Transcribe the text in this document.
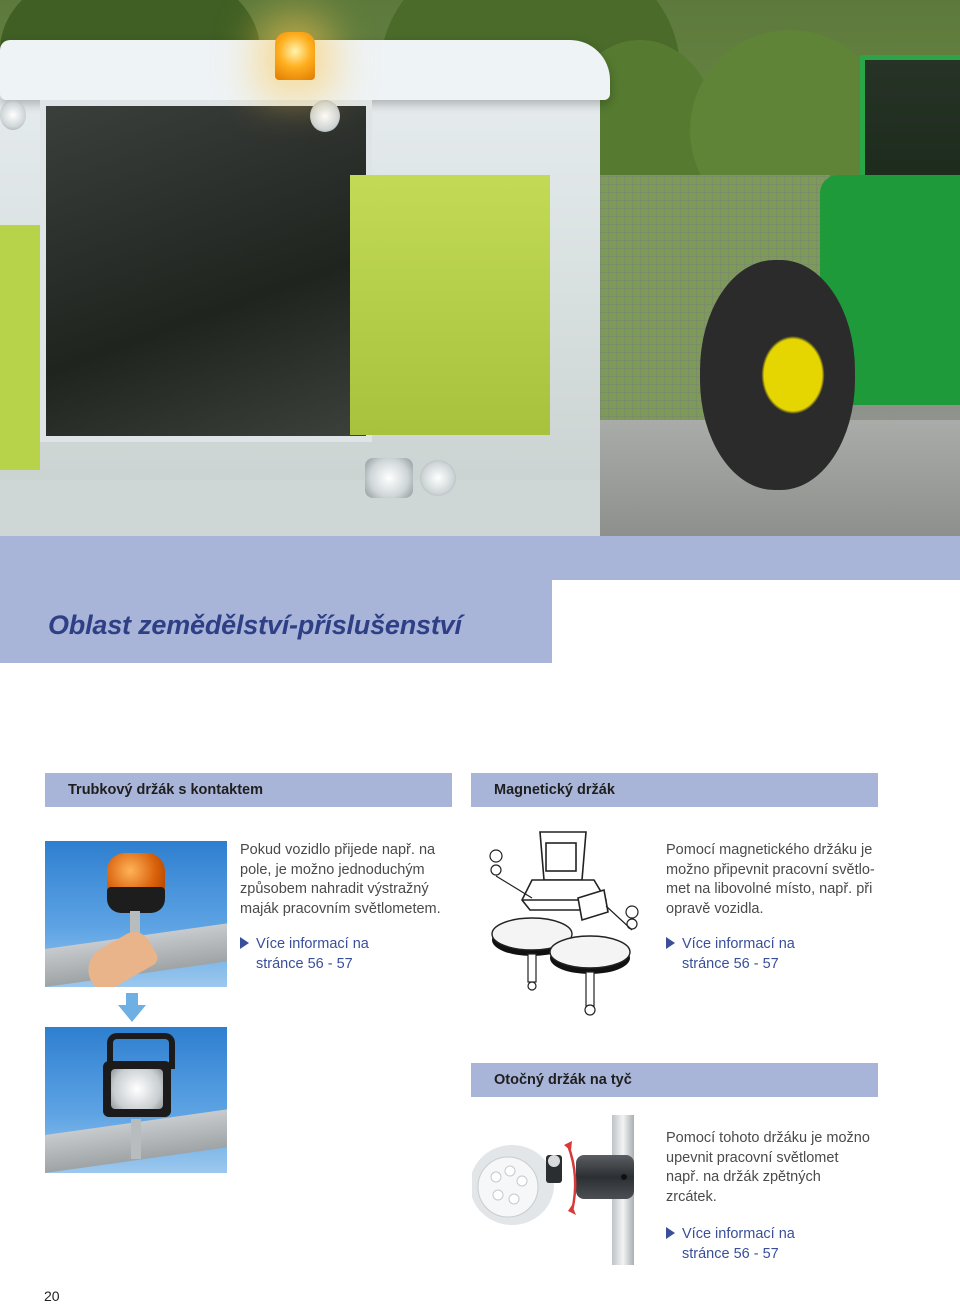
Oblast zemědělství-příslušenství
Trubkový držák s kontaktem
Pokud vozidlo přijede např. na
pole, je možno jednoduchým
způsobem nahradit výstražný
maják pracovním světlometem.
Více informací na
stránce 56 - 57
Magnetický držák
Pomocí magnetického držáku je
možno připevnit pracovní světlo-
met na libovolné místo, např. při
opravě vozidla.
Více informací na
stránce 56 - 57
Otočný držák na tyč
Pomocí tohoto držáku je možno
upevnit pracovní světlomet
např. na držák zpětných
zrcátek.
Více informací na
stránce 56 - 57
20
